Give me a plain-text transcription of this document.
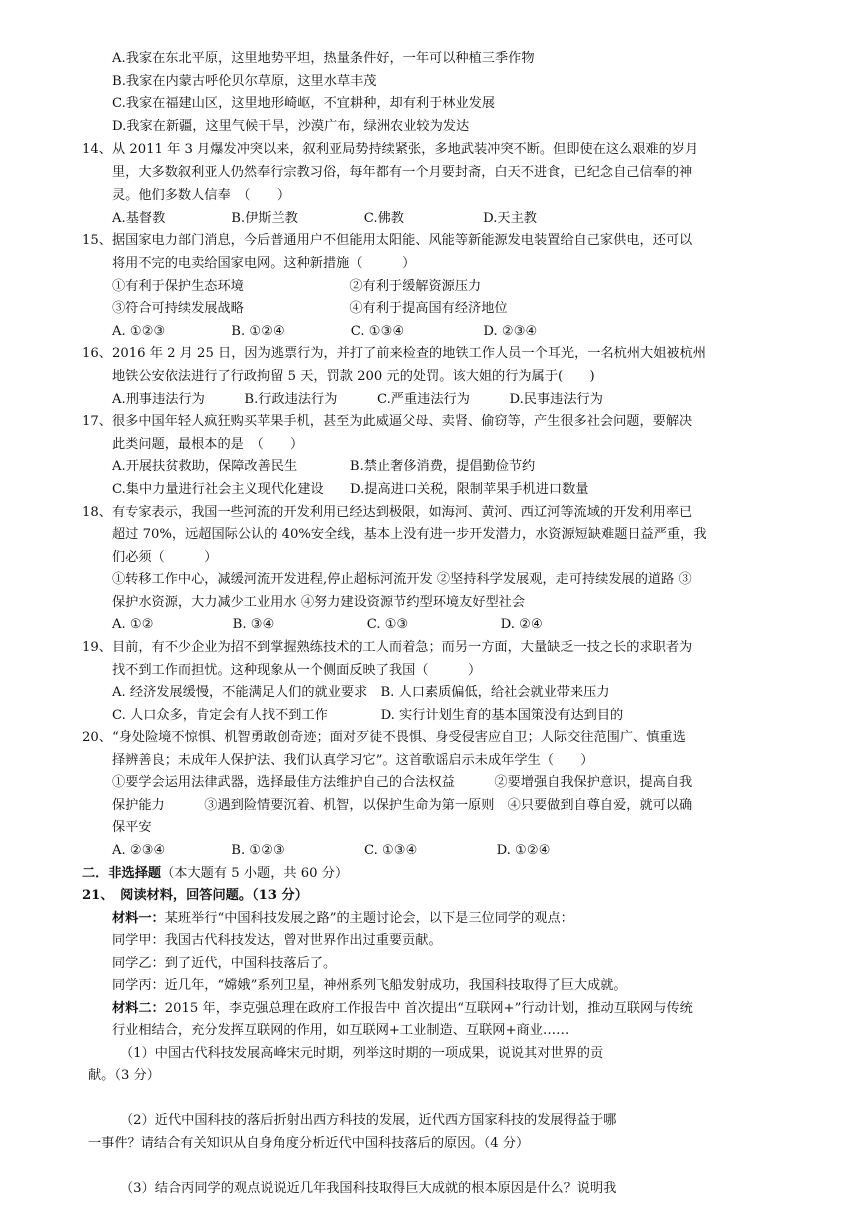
A.我家在东北平原，这里地势平坦，热量条件好，一年可以种植三季作物
B.我家在内蒙古呼伦贝尔草原，这里水草丰茂
C.我家在福建山区，这里地形崎岖，不宜耕种，却有利于林业发展
D.我家在新疆，这里气候干旱，沙漠广布，绿洲农业较为发达
14、从 2011 年 3 月爆发冲突以来，叙利亚局势持续紧张，多地武装冲突不断。但即使在这么艰难的岁月
里，大多数叙利亚人仍然奉行宗教习俗，每年都有一个月要封斋，白天不进食，已纪念自己信奉的神
灵。他们多数人信奉　（　　）
A.基督教　　　　　B.伊斯兰教　　　　　C.佛教　　　　　　D.天主教
15、据国家电力部门消息，今后普通用户不但能用太阳能、风能等新能源发电装置给自己家供电，还可以
将用不完的电卖给国家电网。这种新措施（　　　）
①有利于保护生态环境　　　　　　　　②有利于缓解资源压力
③符合可持续发展战略　　　　　　　　④有利于提高国有经济地位
A. ①②③　　　　　B. ①②④　　　　　C. ①③④　　　　　　D. ②③④
16、2016 年 2 月 25 日，因为逃票行为，并打了前来检查的地铁工作人员一个耳光，一名杭州大姐被杭州
地铁公安依法进行了行政拘留 5 天，罚款 200 元的处罚。该大姐的行为属于(　　)
A.刑事违法行为　　　B.行政违法行为　　　C.严重违法行为　　　D.民事违法行为
17、很多中国年轻人疯狂购买苹果手机，甚至为此威逼父母、卖肾、偷窃等，产生很多社会问题，要解决
此类问题，最根本的是　（　　）
A.开展扶贫救助，保障改善民生　　　　B.禁止奢侈消费，提倡勤俭节约
C.集中力量进行社会主义现代化建设　　D.提高进口关税，限制苹果手机进口数量
18、有专家表示，我国一些河流的开发利用已经达到极限，如海河、黄河、西辽河等流域的开发利用率已
超过 70%，远超国际公认的 40%安全线，基本上没有进一步开发潜力，水资源短缺难题日益严重，我
们必须（　　　）
①转移工作中心，减缓河流开发进程,停止超标河流开发 ②坚持科学发展观，走可持续发展的道路 ③
保护水资源，大力减少工业用水 ④努力建设资源节约型环境友好型社会
A. ①②　　　　　　B. ③④　　　　　　　C. ①③　　　　　　　D. ②④
19、目前，有不少企业为招不到掌握熟练技术的工人而着急；而另一方面，大量缺乏一技之长的求职者为
找不到工作而担忧。这种现象从一个侧面反映了我国（　　　）
A. 经济发展缓慢，不能满足人们的就业要求　B. 人口素质偏低，给社会就业带来压力
C. 人口众多，肯定会有人找不到工作　　　　D. 实行计划生育的基本国策没有达到目的
20、“身处险境不惊惧、机智勇敢创奇迹；面对歹徒不畏惧、身受侵害应自卫；人际交往范围广、慎重选
择辨善良；未成年人保护法、我们认真学习它”。这首歌谣启示未成年学生（　　）
①要学会运用法律武器，选择最佳方法维护自己的合法权益　　　②要增强自我保护意识，提高自我
保护能力　　　③遇到险情要沉着、机智，以保护生命为第一原则　④只要做到自尊自爱，就可以确
保平安
A. ②③④　　　　　B. ①②③　　　　　　C. ①③④　　　　　　D. ①②④
二．非选择题（本大题有 5 小题，共 60 分）
21、　阅读材料，回答问题。（13 分）
材料一：某班举行“中国科技发展之路”的主题讨论会，以下是三位同学的观点：
同学甲：我国古代科技发达，曾对世界作出过重要贡献。
同学乙：到了近代，中国科技落后了。
同学丙：近几年，“嫦娥”系列卫星，神州系列飞船发射成功，我国科技取得了巨大成就。
材料二：2015 年，李克强总理在政府工作报告中 首次提出“互联网+”行动计划，推动互联网与传统
行业相结合，充分发挥互联网的作用，如互联网+工业制造、互联网+商业……
（1）中国古代科技发展高峰宋元时期，列举这时期的一项成果，说说其对世界的贡
献。（3 分）
（2）近代中国科技的落后折射出西方科技的发展，近代西方国家科技的发展得益于哪
一事件？请结合有关知识从自身角度分析近代中国科技落后的原因。（4 分）
（3）结合丙同学的观点说说近几年我国科技取得巨大成就的根本原因是什么？说明我
